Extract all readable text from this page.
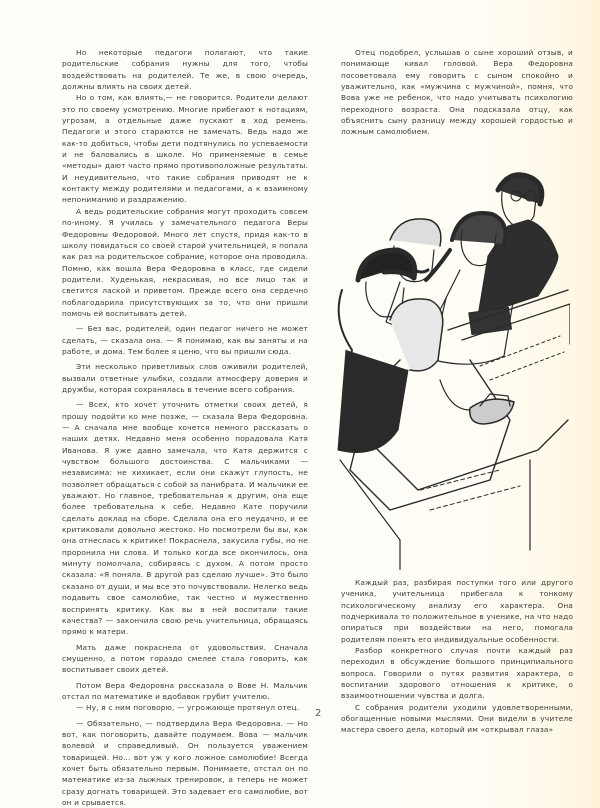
Но некоторые педагоги полагают, что такие родительские собрания нужны для того, чтобы воздействовать на родителей. Те же, в свою очередь, должны влиять на своих детей.

Но о том, как влиять,— не говорится. Родители делают это по своему усмотрению. Многие прибегают к нотациям, угрозам, а отдельные даже пускают в ход ремень. Педагоги и этого стараются не замечать. Ведь надо же как-то добиться, чтобы дети подтянулись по успеваемости и не баловались в школе. Но применяемые в семье «методы» дают часто прямо противоположные результаты. И неудивительно, что такие собрания приводят не к контакту между родителями и педагогами, а к взаимному непониманию и раздражению.

А ведь родительские собрания могут проходить совсем по-иному. Я училась у замечательного педагога Веры Федоровны Федоровой. Много лет спустя, придя как-то в школу повидаться со своей старой учительницей, я попала как раз на родительское собрание, которое она проводила. Помню, как вошла Вера Федоровна в класс, где сидели родители. Худенькая, некрасивая, но все лицо так и светится лаской и приветом. Прежде всего она сердечно поблагодарила присутствующих за то, что они пришли помочь ей воспитывать детей.

— Без вас, родителей, один педагог ничего не может сделать, — сказала она. — Я понимаю, как вы заняты и на работе, и дома. Тем более я ценю, что вы пришли сюда.

Эти несколько приветливых слов оживили родителей, вызвали ответные улыбки, создали атмосферу доверия и дружбы, которая сохранялась в течение всего собрания.

— Всех, кто хочет уточнить отметки своих детей, я прошу подойти ко мне позже, — сказала Вера Федоровна. — А сначала мне вообще хочется немного рассказать о наших детях. Недавно меня особенно порадовала Катя Иванова. Я уже давно замечала, что Катя держится с чувством большого достоинства. С мальчиками — независима: не хихикает, если они скажут глупость, не позволяет обращаться с собой за панибрата. И мальчики ее уважают. Но главное, требовательная к другим, она еще более требовательна к себе. Недавно Кате поручили сделать доклад на сборе. Сделала она его неудачно, и ее критиковали довольно жестоко. Но посмотрели бы вы, как она отнеслась к критике! Покраснела, закусила губы, но не проронила ни слова. И только когда все окончилось, она минуту помолчала, собираясь с духом. А потом просто сказала: «Я поняла. В другой раз сделаю лучше». Это было сказано от души, и мы все это почувствовали. Нелегко ведь подавить свое самолюбие, так честно и мужественно воспринять критику. Как вы в ней воспитали такие качества? — закончила свою речь учительница, обращаясь прямо к матери.

Мать даже покраснела от удовольствия. Сначала смущенно, а потом гораздо смелее стала говорить, как воспитывает своих детей.

Потом Вера Федоровна рассказала о Вове Н. Мальчик отстал по математике и вдобавок грубит учителю.

— Ну, я с ним поговорю, — угрожающе протянул отец.

— Обязательно, — подтвердила Вера Федоровна. — Но вот, как поговорить, давайте подумаем. Вова — мальчик волевой и справедливый. Он пользуется уважением товарищей. Но... вот уж у кого ложное самолюбие! Всегда хочет быть обязательно первым. Понимаете, отстал он по математике из-за лыжных тренировок, а теперь не может сразу догнать товарищей. Это задевает его самолюбие, вот он и срывается.

Отец подобрел, услышав о сыне хороший отзыв, и понимающе кивал головой. Вера Федоровна посоветовала ему говорить с сыном спокойно и уважительно, как «мужчина с мужчиной», помня, что Вова уже не ребенок, что надо учитывать психологию переходного возраста. Она подсказала отцу, как объяснить сыну разницу между хорошей гордостью и ложным самолюбием.

Каждый раз, разбирая поступки того или другого ученика, учительница прибегала к тонкому психологическому анализу его характера. Она подчеркивала то положительное в ученике, на что надо опираться при воздействии на него, помогала родителям понять его индивидуальные особенности.

Разбор конкретного случая почти каждый раз переходил в обсуждение большого принципиального вопроса. Говорили о путях развития характера, о воспитании здорового отношения к критике, о взаимоотношении чувства и долга.

С собрания родители уходили удовлетворенными, обогащенные новыми мыслями. Они видели в учителе мастера своего дела, который им «открывал глаза»

2
